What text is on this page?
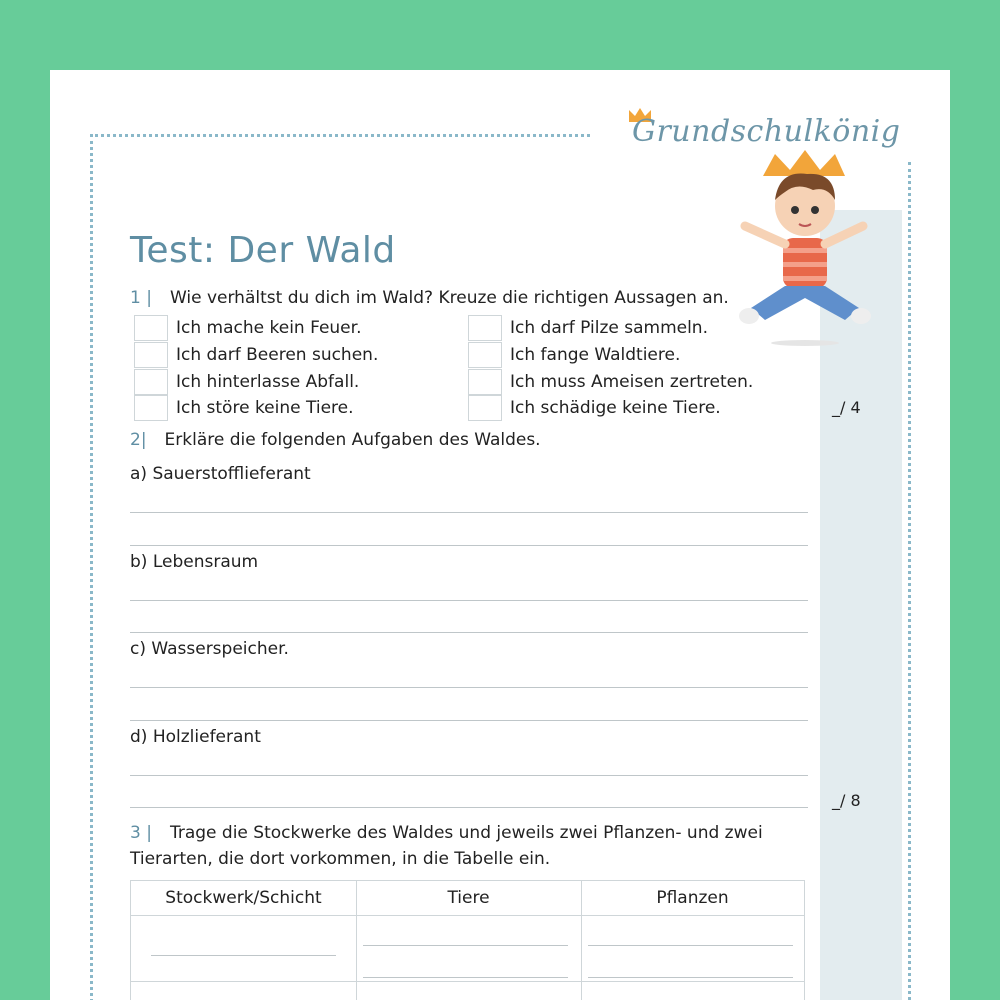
Grundschulkönig
Test: Der Wald
1 | Wie verhältst du dich im Wald? Kreuze die richtigen Aussagen an.
Ich mache kein Feuer.
Ich darf Beeren suchen.
Ich hinterlasse Abfall.
Ich störe keine Tiere.
Ich darf Pilze sammeln.
Ich fange Waldtiere.
Ich muss Ameisen zertreten.
Ich schädige keine Tiere.	_/ 4
2| Erkläre die folgenden Aufgaben des Waldes.
a) Sauerstofflieferant
b) Lebensraum
c) Wasserspeicher.
d) Holzlieferant
_/ 8
3 | Trage die Stockwerke des Waldes und jeweils zwei Pflanzen- und zwei
Tierarten, die dort vorkommen, in die Tabelle ein.
Stockwerk/Schicht	Tiere	Pflanzen
